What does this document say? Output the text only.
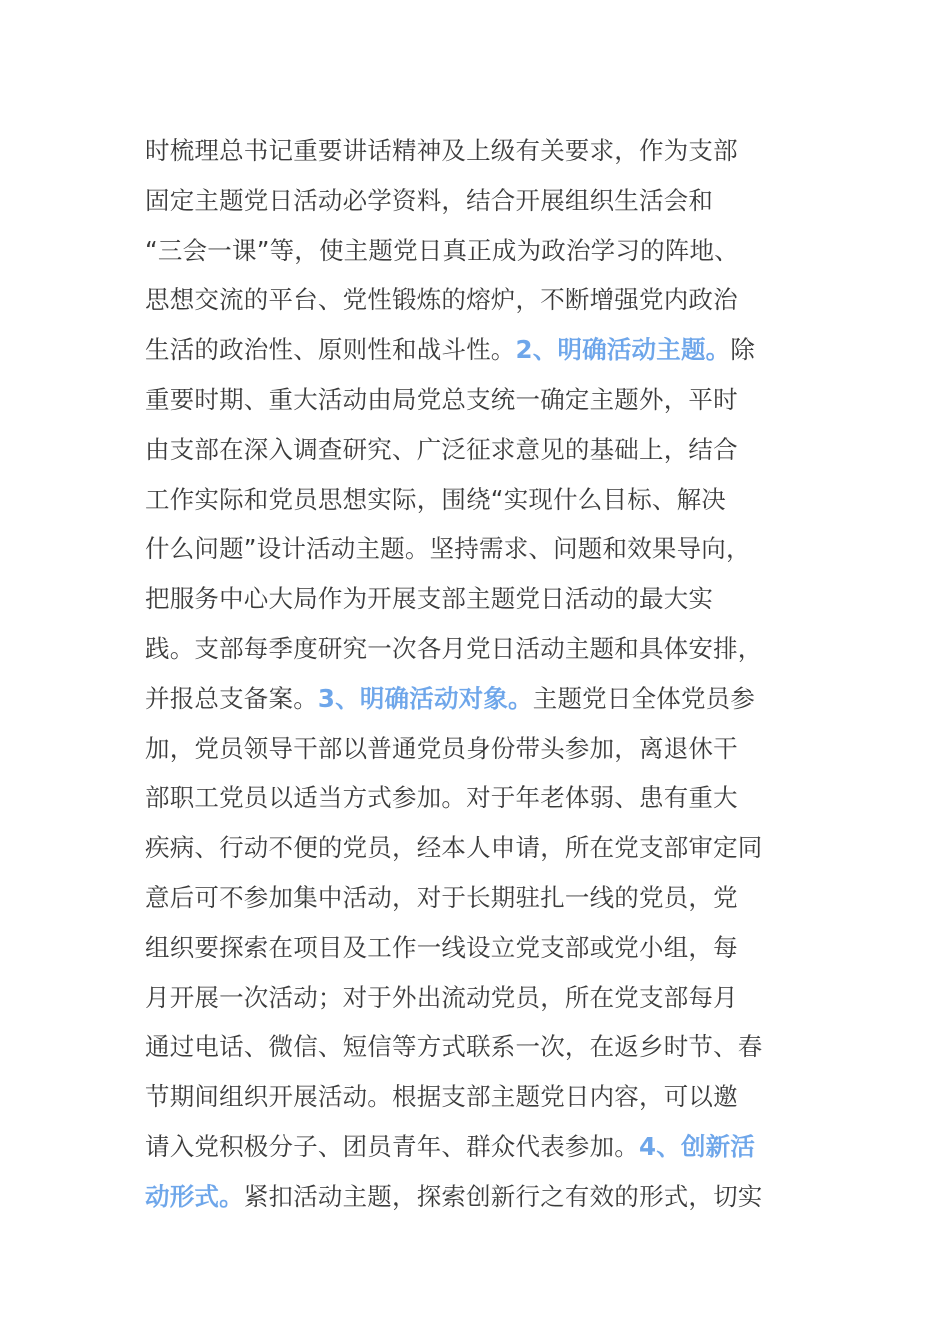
时梳理总书记重要讲话精神及上级有关要求，作为支部
固定主题党日活动必学资料，结合开展组织生活会和
“三会一课”等，使主题党日真正成为政治学习的阵地、
思想交流的平台、党性锻炼的熔炉，不断增强党内政治
生活的政治性、原则性和战斗性。2、明确活动主题。除
重要时期、重大活动由局党总支统一确定主题外，平时
由支部在深入调查研究、广泛征求意见的基础上，结合
工作实际和党员思想实际，围绕“实现什么目标、解决
什么问题”设计活动主题。坚持需求、问题和效果导向，
把服务中心大局作为开展支部主题党日活动的最大实
践。支部每季度研究一次各月党日活动主题和具体安排，
并报总支备案。3、明确活动对象。主题党日全体党员参
加，党员领导干部以普通党员身份带头参加，离退休干
部职工党员以适当方式参加。对于年老体弱、患有重大
疾病、行动不便的党员，经本人申请，所在党支部审定同
意后可不参加集中活动，对于长期驻扎一线的党员，党
组织要探索在项目及工作一线设立党支部或党小组，每
月开展一次活动；对于外出流动党员，所在党支部每月
通过电话、微信、短信等方式联系一次，在返乡时节、春
节期间组织开展活动。根据支部主题党日内容，可以邀
请入党积极分子、团员青年、群众代表参加。4、创新活
动形式。紧扣活动主题，探索创新行之有效的形式，切实
